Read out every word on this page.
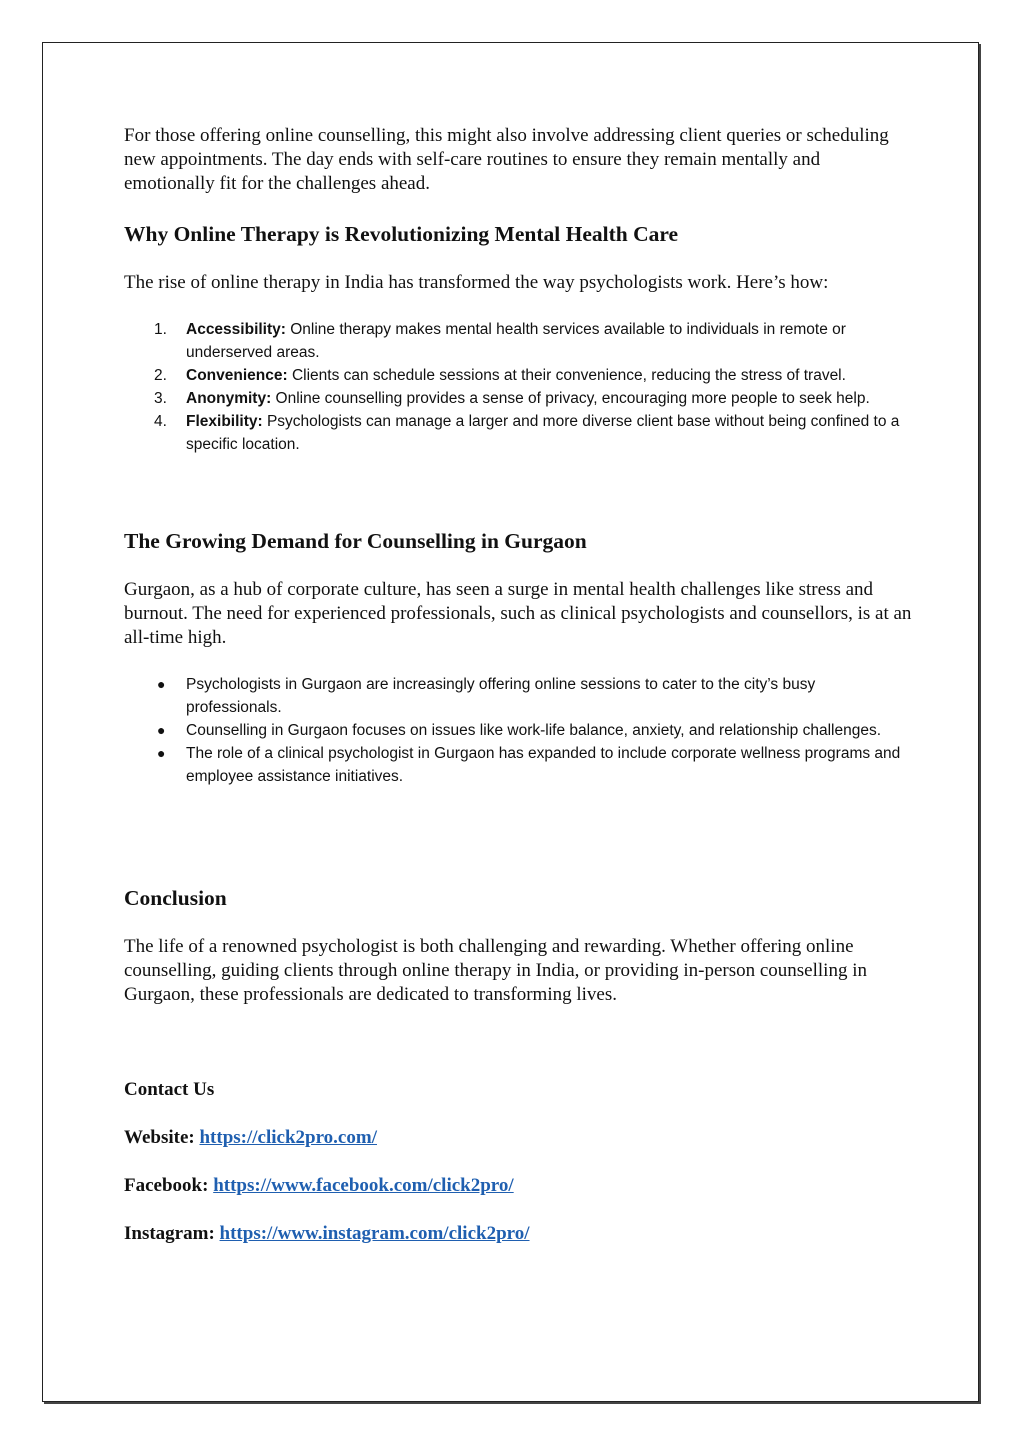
For those offering online counselling, this might also involve addressing client queries or scheduling new appointments. The day ends with self-care routines to ensure they remain mentally and emotionally fit for the challenges ahead.

Why Online Therapy is Revolutionizing Mental Health Care

The rise of online therapy in India has transformed the way psychologists work. Here’s how:

1. Accessibility: Online therapy makes mental health services available to individuals in remote or underserved areas.
2. Convenience: Clients can schedule sessions at their convenience, reducing the stress of travel.
3. Anonymity: Online counselling provides a sense of privacy, encouraging more people to seek help.
4. Flexibility: Psychologists can manage a larger and more diverse client base without being confined to a specific location.
The Growing Demand for Counselling in Gurgaon

Gurgaon, as a hub of corporate culture, has seen a surge in mental health challenges like stress and burnout. The need for experienced professionals, such as clinical psychologists and counsellors, is at an all-time high.

● Psychologists in Gurgaon are increasingly offering online sessions to cater to the city’s busy professionals.
● Counselling in Gurgaon focuses on issues like work-life balance, anxiety, and relationship challenges.
● The role of a clinical psychologist in Gurgaon has expanded to include corporate wellness programs and employee assistance initiatives.
Conclusion

The life of a renowned psychologist is both challenging and rewarding. Whether offering online counselling, guiding clients through online therapy in India, or providing in-person counselling in Gurgaon, these professionals are dedicated to transforming lives.

Contact Us

Website: https://click2pro.com/

Facebook: https://www.facebook.com/click2pro/

Instagram: https://www.instagram.com/click2pro/
